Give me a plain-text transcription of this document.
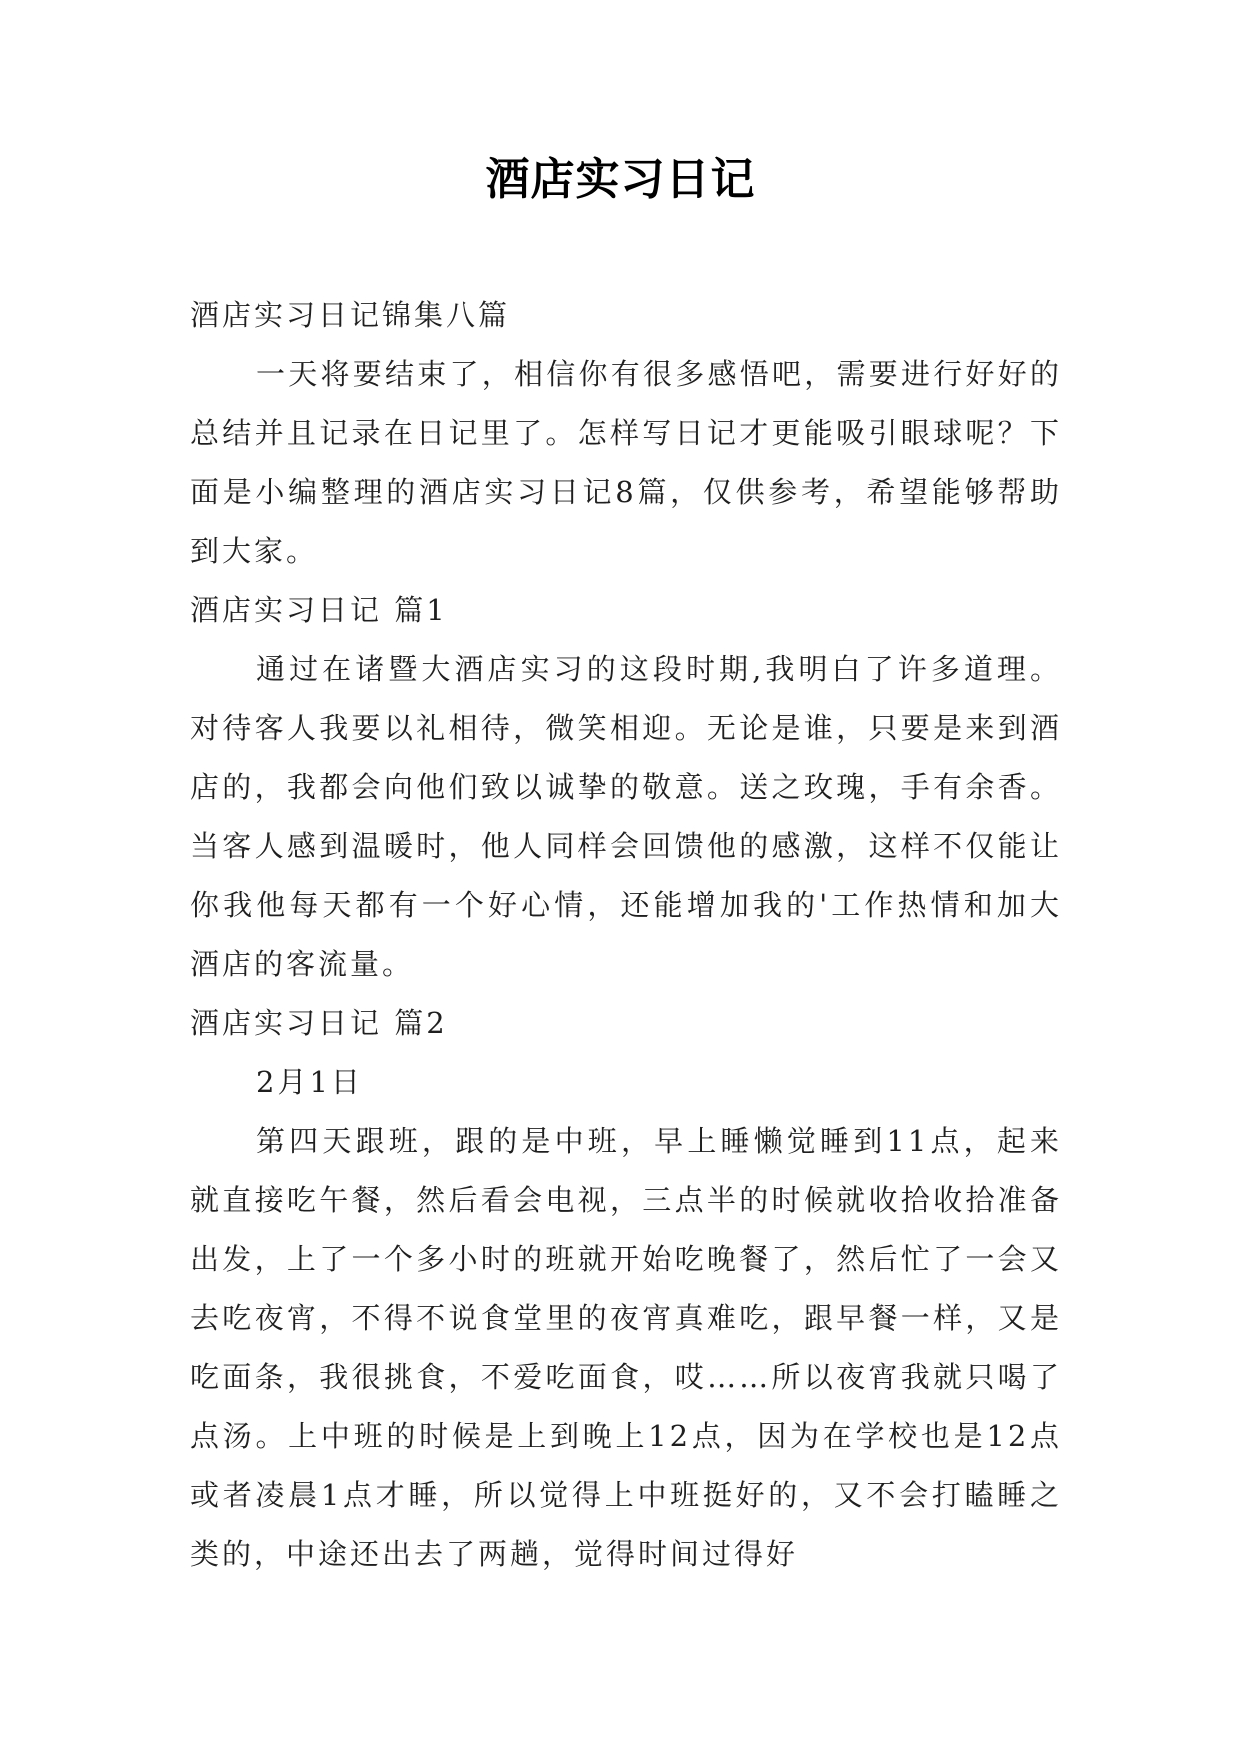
酒店实习日记

酒店实习日记锦集八篇

一天将要结束了，相信你有很多感悟吧，需要进行好好的总结并且记录在日记里了。怎样写日记才更能吸引眼球呢？下面是小编整理的酒店实习日记8篇，仅供参考，希望能够帮助到大家。

酒店实习日记 篇1

通过在诸暨大酒店实习的这段时期,我明白了许多道理。对待客人我要以礼相待，微笑相迎。无论是谁，只要是来到酒店的，我都会向他们致以诚挚的敬意。送之玫瑰，手有余香。当客人感到温暖时，他人同样会回馈他的感激，这样不仅能让你我他每天都有一个好心情，还能增加我的'工作热情和加大酒店的客流量。

酒店实习日记 篇2

2月1日

第四天跟班，跟的是中班，早上睡懒觉睡到11点，起来就直接吃午餐，然后看会电视，三点半的时候就收拾收拾准备出发，上了一个多小时的班就开始吃晚餐了，然后忙了一会又去吃夜宵，不得不说食堂里的夜宵真难吃，跟早餐一样，又是吃面条，我很挑食，不爱吃面食，哎……所以夜宵我就只喝了点汤。上中班的时候是上到晚上12点，因为在学校也是12点或者凌晨1点才睡，所以觉得上中班挺好的，又不会打瞌睡之类的，中途还出去了两趟，觉得时间过得好
